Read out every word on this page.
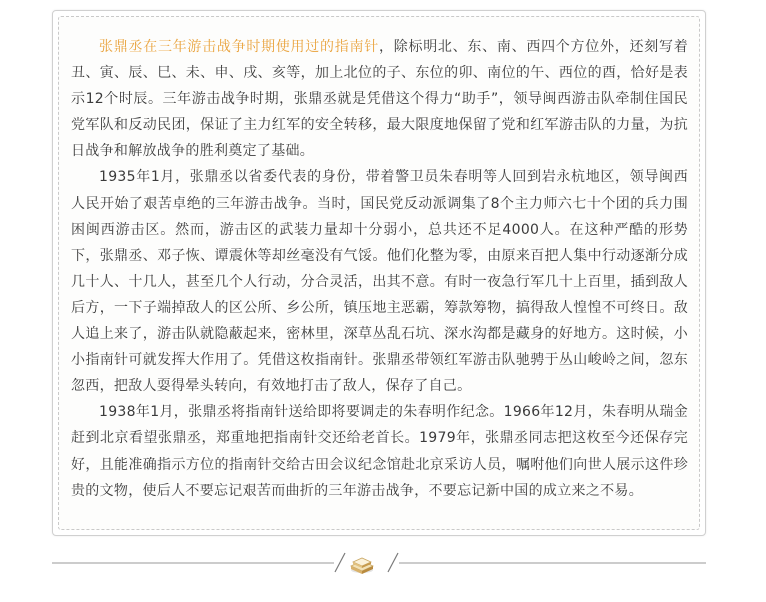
张鼎丞在三年游击战争时期使用过的指南针，除标明北、东、南、西四个方位外，还刻写着丑、寅、辰、巳、未、申、戌、亥等，加上北位的子、东位的卯、南位的午、西位的酉，恰好是表示12个时辰。三年游击战争时期，张鼎丞就是凭借这个得力“助手”，领导闽西游击队牵制住国民党军队和反动民团，保证了主力红军的安全转移，最大限度地保留了党和红军游击队的力量，为抗日战争和解放战争的胜利奠定了基础。

1935年1月，张鼎丞以省委代表的身份，带着警卫员朱春明等人回到岩永杭地区，领导闽西人民开始了艰苦卓绝的三年游击战争。当时，国民党反动派调集了8个主力师六七十个团的兵力围困闽西游击区。然而，游击区的武装力量却十分弱小，总共还不足4000人。在这种严酷的形势下，张鼎丞、邓子恢、谭震休等却丝毫没有气馁。他们化整为零，由原来百把人集中行动逐渐分成几十人、十几人，甚至几个人行动，分合灵活，出其不意。有时一夜急行军几十上百里，插到敌人后方，一下子端掉敌人的区公所、乡公所，镇压地主恶霸，筹款筹物，搞得敌人惶惶不可终日。敌人追上来了，游击队就隐蔽起来，密林里，深草丛乱石坑、深水沟都是藏身的好地方。这时候，小小指南针可就发挥大作用了。凭借这枚指南针。张鼎丞带领红军游击队驰骋于丛山峻岭之间，忽东忽西，把敌人耍得晕头转向，有效地打击了敌人，保存了自己。

1938年1月，张鼎丞将指南针送给即将要调走的朱春明作纪念。1966年12月，朱春明从瑞金赶到北京看望张鼎丞，郑重地把指南针交还给老首长。1979年，张鼎丞同志把这枚至今还保存完好，且能准确指示方位的指南针交给古田会议纪念馆赴北京采访人员，嘱咐他们向世人展示这件珍贵的文物，使后人不要忘记艰苦而曲折的三年游击战争，不要忘记新中国的成立来之不易。
